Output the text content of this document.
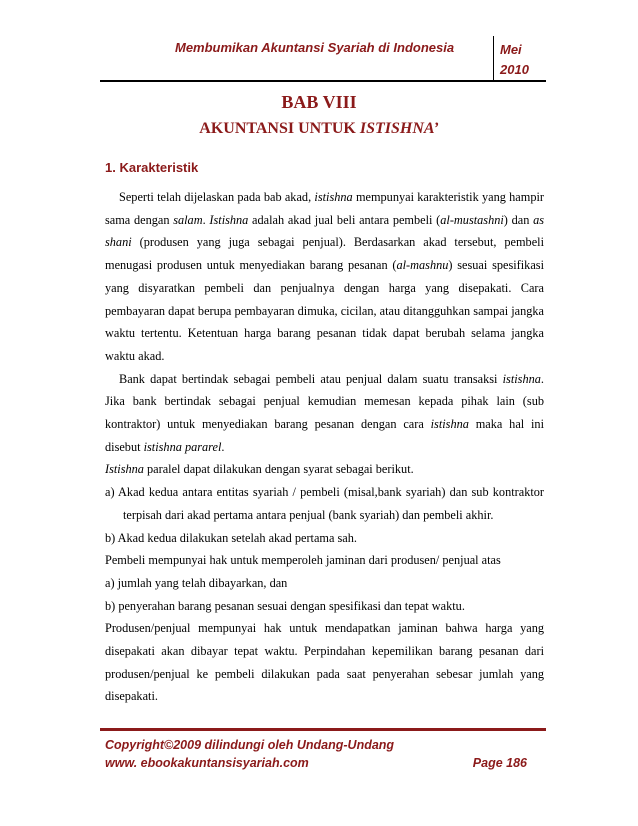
Membumikan Akuntansi Syariah di Indonesia	Mei
2010
BAB VIII
AKUNTANSI UNTUK ISTISHNA’
1. Karakteristik

Seperti telah dijelaskan pada bab akad, istishna mempunyai karakteristik yang hampir sama dengan salam. Istishna adalah akad jual beli antara pembeli (al-mustashni) dan as shani (produsen yang juga sebagai penjual). Berdasarkan akad tersebut, pembeli menugasi produsen untuk menyediakan barang pesanan (al-mashnu) sesuai spesifikasi yang disyaratkan pembeli dan penjualnya dengan harga yang disepakati. Cara pembayaran dapat berupa pembayaran dimuka, cicilan, atau ditangguhkan sampai jangka waktu tertentu. Ketentuan harga barang pesanan tidak dapat berubah selama jangka waktu akad.

Bank dapat bertindak sebagai pembeli atau penjual dalam suatu transaksi istishna. Jika bank bertindak sebagai penjual kemudian memesan kepada pihak lain (sub kontraktor) untuk menyediakan barang pesanan dengan cara istishna maka hal ini disebut istishna pararel.

Istishna paralel dapat dilakukan dengan syarat sebagai berikut.

a) Akad kedua antara entitas syariah / pembeli (misal,bank syariah) dan sub kontraktor terpisah dari akad pertama antara penjual (bank syariah) dan pembeli akhir.

b) Akad kedua dilakukan setelah akad pertama sah.

Pembeli mempunyai hak untuk memperoleh jaminan dari produsen/ penjual atas

a) jumlah yang telah dibayarkan, dan

b) penyerahan barang pesanan sesuai dengan spesifikasi dan tepat waktu.

Produsen/penjual mempunyai hak untuk mendapatkan jaminan bahwa harga yang disepakati akan dibayar tepat waktu. Perpindahan kepemilikan barang pesanan dari produsen/penjual ke pembeli dilakukan pada saat penyerahan sebesar jumlah yang disepakati.

Copyright©2009 dilindungi oleh Undang-Undang
www. ebookakuntansisyariah.com	Page 186
